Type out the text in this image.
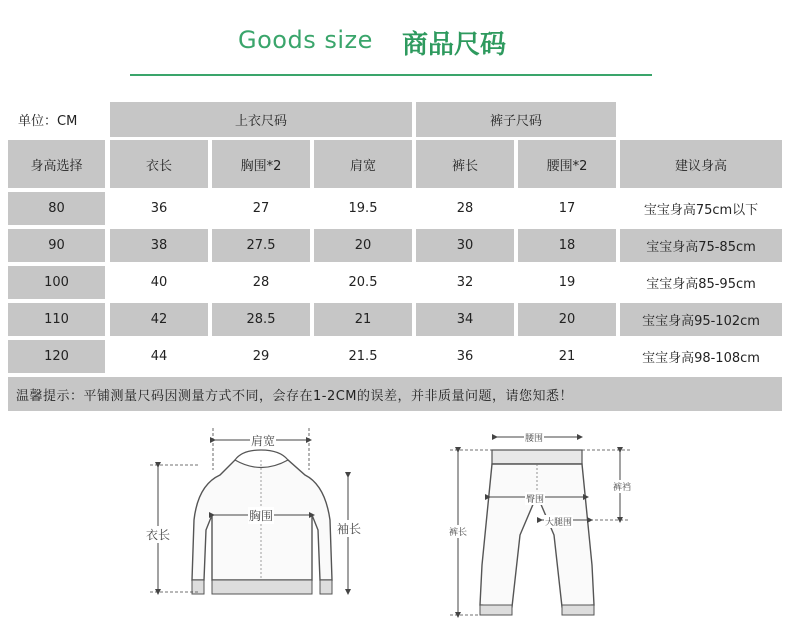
Goods size 商品尺码
单位：CM	上衣尺码	裤子尺码
身高选择	衣长	胸围*2	肩宽	裤长	腰围*2	建议身高
80	36	27	19.5	28	17	宝宝身高75cm以下
90	38	27.5	20	30	18	宝宝身高75-85cm
100	40	28	20.5	32	19	宝宝身高85-95cm
110	42	28.5	21	34	20	宝宝身高95-102cm
120	44	29	21.5	36	21	宝宝身高98-108cm
温馨提示：平铺测量尺码因测量方式不同，会存在1-2CM的误差，并非质量问题，请您知悉！
肩宽
胸围
衣长	袖长
腰围
臀围
大腿围
裤裆
裤长
